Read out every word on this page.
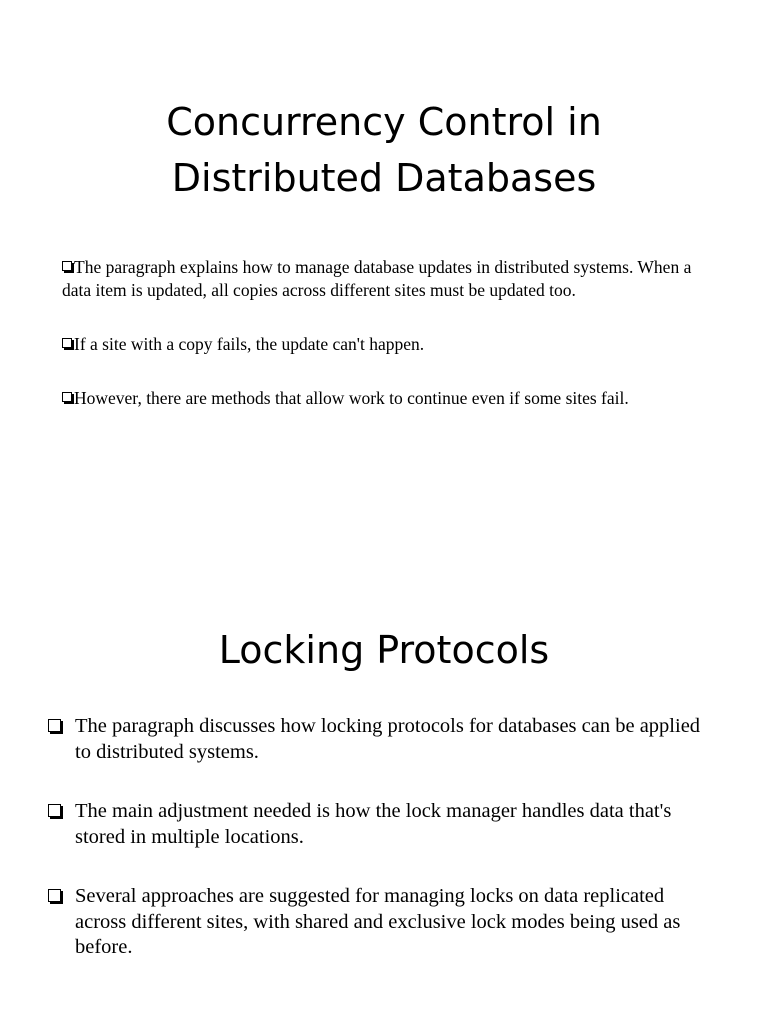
Concurrency Control in
Distributed Databases
The paragraph explains how to manage database updates in distributed systems. When a data item is updated, all copies across different sites must be updated too.
If a site with a copy fails, the update can't happen.
However, there are methods that allow work to continue even if some sites fail.
Locking Protocols
The paragraph discusses how locking protocols for databases can be applied to distributed systems.
The main adjustment needed is how the lock manager handles data that's stored in multiple locations.
Several approaches are suggested for managing locks on data replicated across different sites, with shared and exclusive lock modes being used as before.
